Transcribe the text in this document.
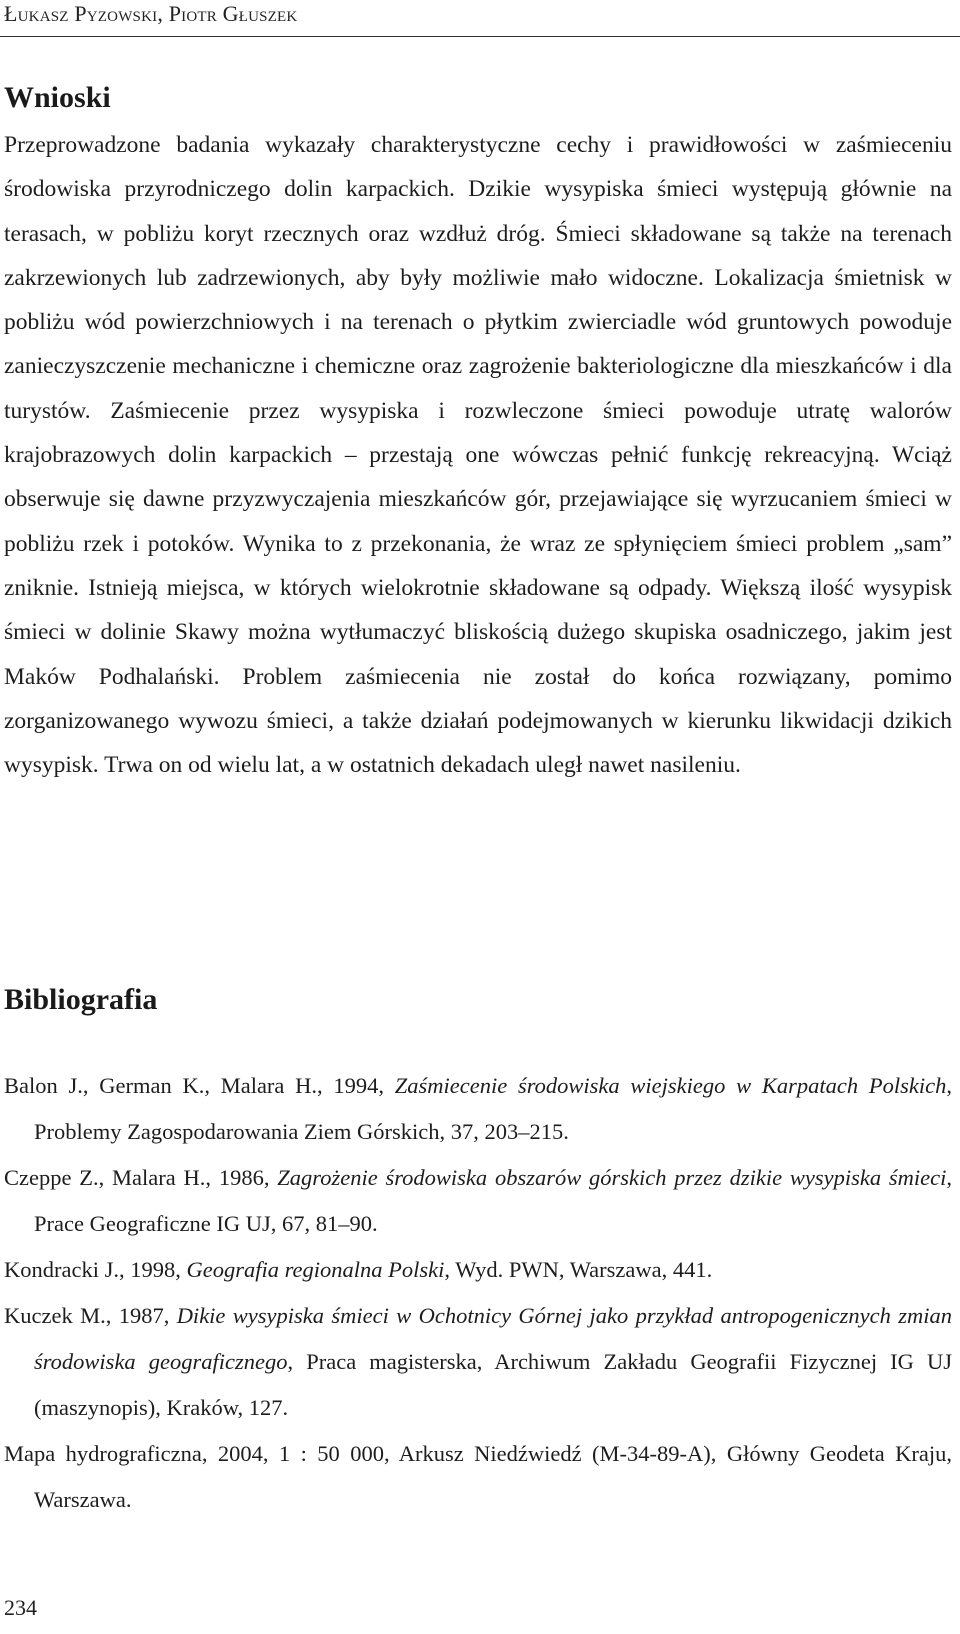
Łukasz Pyzowski, Piotr Głuszek
Wnioski

Przeprowadzone badania wykazały charakterystyczne cechy i prawidłowości w zaśmieceniu środowiska przyrodniczego dolin karpackich. Dzikie wysypiska śmieci występują głównie na terasach, w pobliżu koryt rzecznych oraz wzdłuż dróg. Śmieci składowane są także na terenach zakrzewionych lub zadrzewionych, aby były możliwie mało widoczne. Lokalizacja śmietnisk w pobliżu wód powierzchniowych i na terenach o płytkim zwierciadle wód gruntowych powoduje zanieczyszczenie mechaniczne i chemiczne oraz zagrożenie bakteriologiczne dla mieszkańców i dla turystów. Zaśmiecenie przez wysypiska i rozwleczone śmieci powoduje utratę walorów krajobrazowych dolin karpackich – przestają one wówczas pełnić funkcję rekreacyjną. Wciąż obserwuje się dawne przyzwyczajenia mieszkańców gór, przejawiające się wyrzucaniem śmieci w pobliżu rzek i potoków. Wynika to z przekonania, że wraz ze spłynięciem śmieci problem „sam” zniknie. Istnieją miejsca, w których wielokrotnie składowane są odpady. Większą ilość wysypisk śmieci w dolinie Skawy można wytłumaczyć bliskością dużego skupiska osadniczego, jakim jest Maków Podhalański. Problem zaśmiecenia nie został do końca rozwiązany, pomimo zorganizowanego wywozu śmieci, a także działań podejmowanych w kierunku likwidacji dzikich wysypisk. Trwa on od wielu lat, a w ostatnich dekadach uległ nawet nasileniu.

Bibliografia
Balon J., German K., Malara H., 1994, Zaśmiecenie środowiska wiejskiego w Karpatach Polskich, Problemy Zagospodarowania Ziem Górskich, 37, 203–215.
Czeppe Z., Malara H., 1986, Zagrożenie środowiska obszarów górskich przez dzikie wysypiska śmieci, Prace Geograficzne IG UJ, 67, 81–90.
Kondracki J., 1998, Geografia regionalna Polski, Wyd. PWN, Warszawa, 441.
Kuczek M., 1987, Dikie wysypiska śmieci w Ochotnicy Górnej jako przykład antropogenicznych zmian środowiska geograficznego, Praca magisterska, Archiwum Zakładu Geografii Fizycznej IG UJ (maszynopis), Kraków, 127.
Mapa hydrograficzna, 2004, 1 : 50 000, Arkusz Niedźwiedź (M-34-89-A), Główny Geodeta Kraju, Warszawa.
234
